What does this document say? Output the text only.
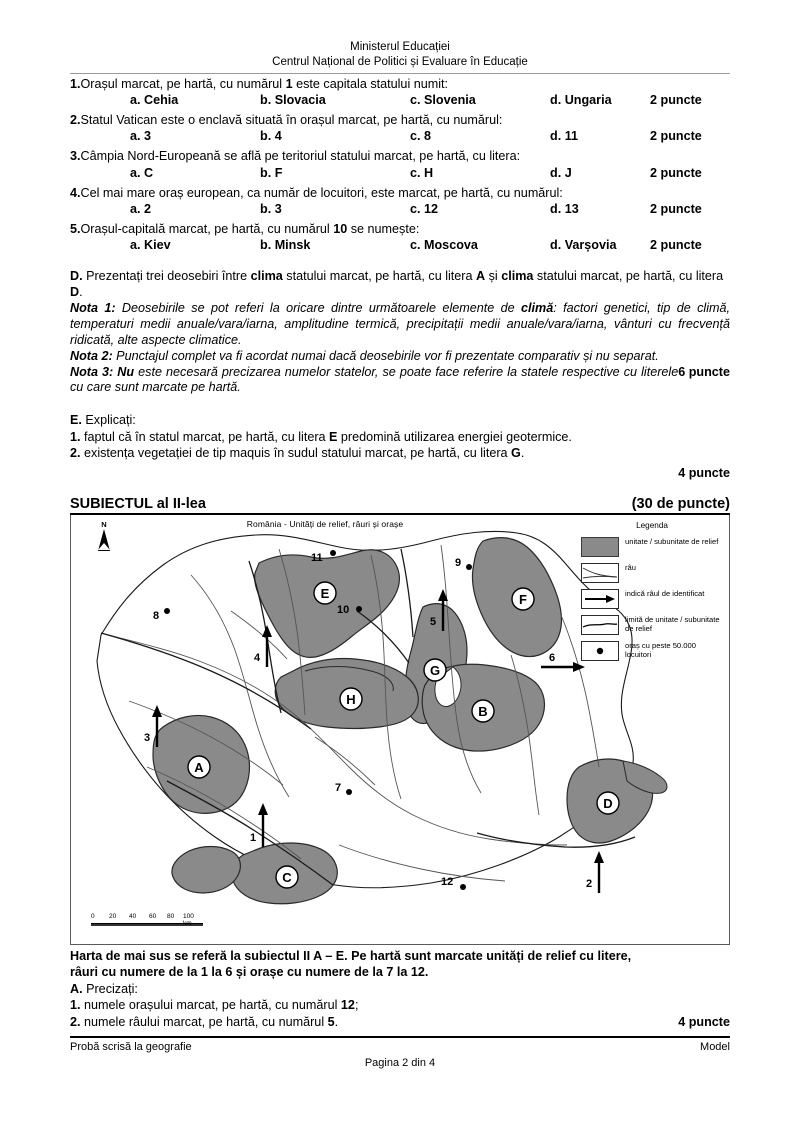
Ministerul Educației
Centrul Național de Politici și Evaluare în Educație
1.Orașul marcat, pe hartă, cu numărul 1 este capitala statului numit:
a. Cehia	b. Slovacia	c. Slovenia	d. Ungaria	2 puncte
2.Statul Vatican este o enclavă situată în orașul marcat, pe hartă, cu numărul:
a. 3	b. 4	c. 8	d. 11	2 puncte
3.Câmpia Nord-Europeană se află pe teritoriul statului marcat, pe hartă, cu litera:
a. C	b. F	c. H	d. J	2 puncte
4.Cel mai mare oraș european, ca număr de locuitori, este marcat, pe hartă, cu numărul:
a. 2	b. 3	c. 12	d. 13	2 puncte
5.Orașul-capitală marcat, pe hartă, cu numărul 10 se numește:
a. Kiev	b. Minsk	c. Moscova	d. Varșovia	2 puncte
D. Prezentați trei deosebiri între clima statului marcat, pe hartă, cu litera A și clima statului marcat, pe hartă, cu litera D.
Nota 1: Deosebirile se pot referi la oricare dintre următoarele elemente de climă: factori genetici, tip de climă, temperaturi medii anuale/vara/iarna, amplitudine termică, precipitații medii anuale/vara/iarna, vânturi cu frecvență ridicată, alte aspecte climatice.
Nota 2: Punctajul complet va fi acordat numai dacă deosebirile vor fi prezentate comparativ și nu separat.
6 puncte
Nota 3: Nu este necesară precizarea numelor statelor, se poate face referire la statele respective cu literele cu care sunt marcate pe hartă.
E. Explicați:
1. faptul că în statul marcat, pe hartă, cu litera E predomină utilizarea energiei geotermice.
2. existența vegetației de tip maquis în sudul statului marcat, pe hartă, cu litera G.
4 puncte
SUBIECTUL al II-lea	(30 de puncte)
România - Unități de relief, râuri și orașe
N
A
B
C
D
E	F
G
H
1
2
3
4
5
6
7
8
9
10
11
12
0 20 40 60 80 100 km
Legenda
unitate / subunitate de relief
râu
indică râul de identificat
limită de unitate / subunitate de relief
oraș cu peste 50.000 locuitori
Harta de mai sus se referă la subiectul II A – E. Pe hartă sunt marcate unități de relief cu litere,
râuri cu numere de la 1 la 6 și orașe cu numere de la 7 la 12.
A. Precizați:
1. numele orașului marcat, pe hartă, cu numărul 12;
2. numele râului marcat, pe hartă, cu numărul 5.	4 puncte
Probă scrisă la geografie	Model
Pagina 2 din 4
